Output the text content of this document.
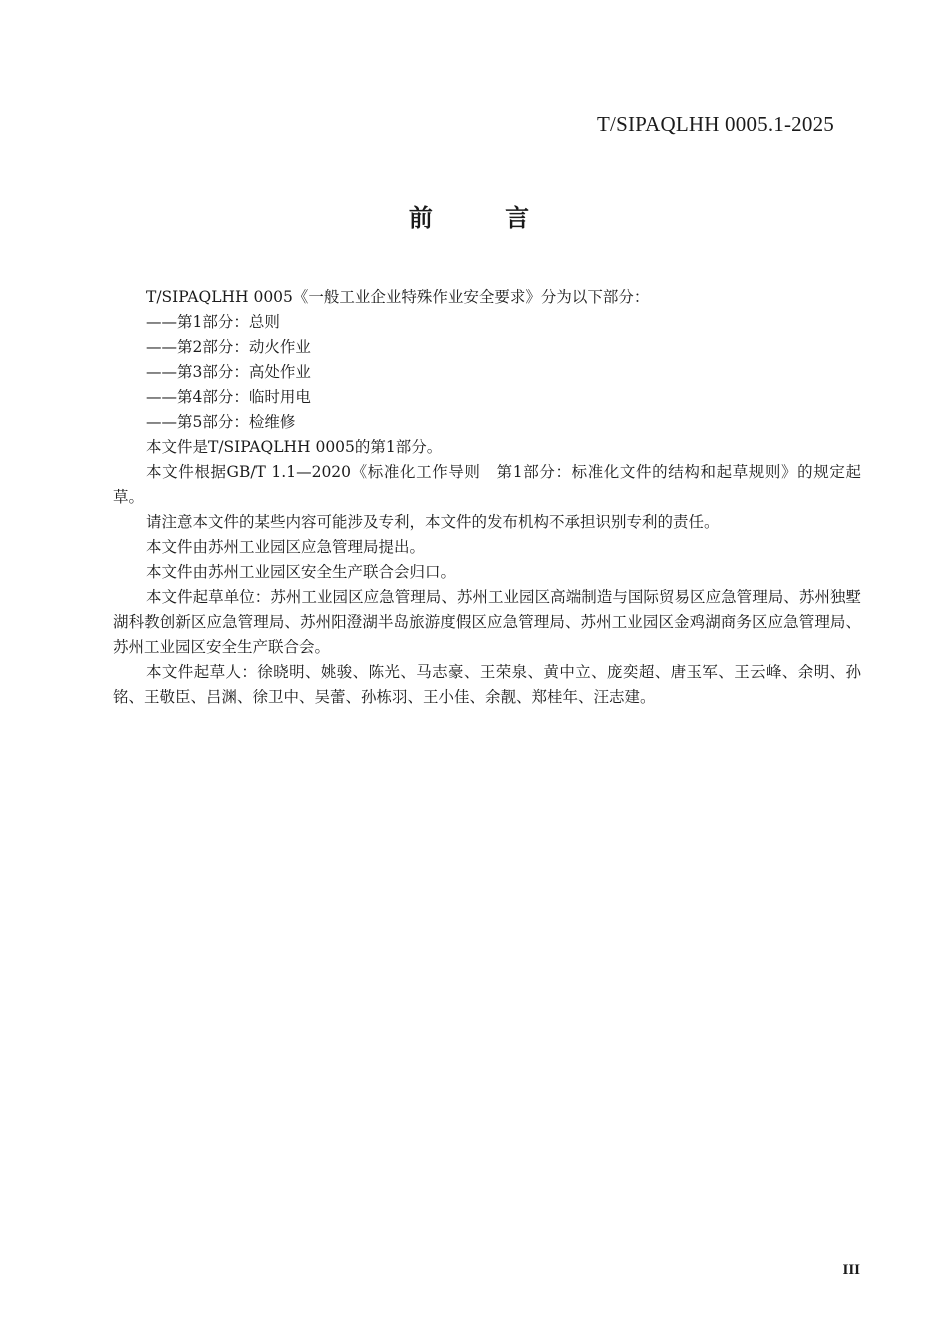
T/SIPAQLHH 0005.1-2025
前 言

T/SIPAQLHH 0005《一般工业企业特殊作业安全要求》分为以下部分：

——第1部分：总则

——第2部分：动火作业

——第3部分：高处作业

——第4部分：临时用电

——第5部分：检维修

本文件是T/SIPAQLHH 0005的第1部分。

本文件根据GB/T 1.1—2020《标准化工作导则　第1部分：标准化文件的结构和起草规则》的规定起草。

请注意本文件的某些内容可能涉及专利，本文件的发布机构不承担识别专利的责任。

本文件由苏州工业园区应急管理局提出。

本文件由苏州工业园区安全生产联合会归口。

本文件起草单位：苏州工业园区应急管理局、苏州工业园区高端制造与国际贸易区应急管理局、苏州独墅湖科教创新区应急管理局、苏州阳澄湖半岛旅游度假区应急管理局、苏州工业园区金鸡湖商务区应急管理局、苏州工业园区安全生产联合会。

本文件起草人：徐晓明、姚骏、陈光、马志豪、王荣泉、黄中立、庞奕超、唐玉军、王云峰、余明、孙铭、王敬臣、吕渊、徐卫中、吴蕾、孙栋羽、王小佳、余靓、郑桂年、汪志建。

III
